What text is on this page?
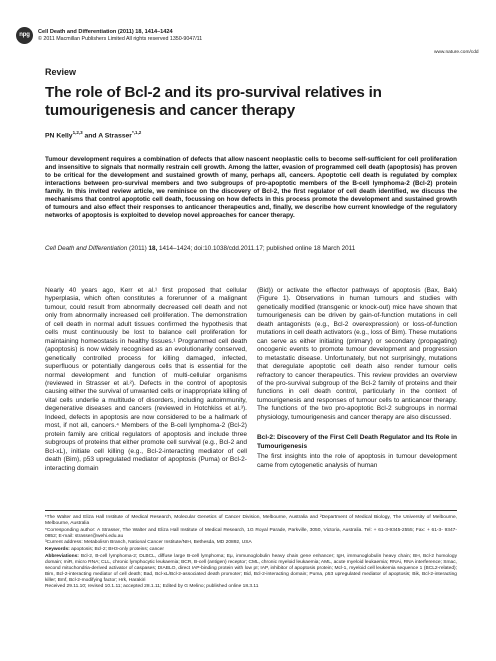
npg	Cell Death and Differentiation (2011) 18, 1414–1424
© 2011 Macmillan Publishers Limited All rights reserved 1350-9047/11
www.nature.com/cdd
Review
The role of Bcl-2 and its pro-survival relatives in tumourigenesis and cancer therapy
PN Kelly$^{1,2,3}$ and A Strasser$^{*,1,2}$
Tumour development requires a combination of defects that allow nascent neoplastic cells to become self-sufficient for cell proliferation and insensitive to signals that normally restrain cell growth. Among the latter, evasion of programmed cell death (apoptosis) has proven to be critical for the development and sustained growth of many, perhaps all, cancers. Apoptotic cell death is regulated by complex interactions between pro-survival members and two subgroups of pro-apoptotic members of the B-cell lymphoma-2 (Bcl-2) protein family. In this invited review article, we reminisce on the discovery of Bcl-2, the first regulator of cell death identified, we discuss the mechanisms that control apoptotic cell death, focussing on how defects in this process promote the development and sustained growth of tumours and also effect their responses to anticancer therapeutics and, finally, we describe how current knowledge of the regulatory networks of apoptosis is exploited to develop novel approaches for cancer therapy.
Cell Death and Differentiation (2011) 18, 1414–1424; doi:10.1038/cdd.2011.17; published online 18 March 2011

Nearly 40 years ago, Kerr et al.¹ first proposed that cellular hyperplasia, which often constitutes a forerunner of a malignant tumour, could result from abnormally decreased cell death and not only from abnormally increased cell proliferation. The demonstration of cell death in normal adult tissues confirmed the hypothesis that cells must continuously be lost to balance cell proliferation for maintaining homeostasis in healthy tissues.¹ Programmed cell death (apoptosis) is now widely recognised as an evolutionarily conserved, genetically controlled process for killing damaged, infected, superfluous or potentially dangerous cells that is essential for the normal development and function of multi-cellular organisms (reviewed in Strasser et al.²). Defects in the control of apoptosis causing either the survival of unwanted cells or inappropriate killing of vital cells underlie a multitude of disorders, including autoimmunity, degenerative diseases and cancers (reviewed in Hotchkiss et al.³). Indeed, defects in apoptosis are now considered to be a hallmark of most, if not all, cancers.⁴ Members of the B-cell lymphoma-2 (Bcl-2) protein family are critical regulators of apoptosis and include three subgroups of proteins that either promote cell survival (e.g., Bcl-2 and Bcl-xL), initiate cell killing (e.g., Bcl-2-interacting mediator of cell death (Bim), p53 upregulated mediator of apoptosis (Puma) or Bcl-2-interacting domain

(Bid)) or activate the effector pathways of apoptosis (Bax, Bak) (Figure 1). Observations in human tumours and studies with genetically modified (transgenic or knock-out) mice have shown that tumourigenesis can be driven by gain-of-function mutations in cell death antagonists (e.g., Bcl-2 overexpression) or loss-of-function mutations in cell death activators (e.g., loss of Bim). These mutations can serve as either initiating (primary) or secondary (propagating) oncogenic events to promote tumour development and progression to metastatic disease. Unfortunately, but not surprisingly, mutations that deregulate apoptotic cell death also render tumour cells refractory to cancer therapeutics. This review provides an overview of the pro-survival subgroup of the Bcl-2 family of proteins and their functions in cell death control, particularly in the context of tumourigenesis and responses of tumour cells to anticancer therapy. The functions of the two pro-apoptotic Bcl-2 subgroups in normal physiology, tumourigenesis and cancer therapy are also discussed.

Bcl-2: Discovery of the First Cell Death Regulator and Its Role in Tumourigenesis

The first insights into the role of apoptosis in tumour development came from cytogenetic analysis of human

¹The Walter and Eliza Hall Institute of Medical Research, Molecular Genetics of Cancer Division, Melbourne, Australia and ²Department of Medical Biology, The University of Melbourne, Melbourne, Australia

*Corresponding author: A Strasser, The Walter and Eliza Hall Institute of Medical Research, 1G Royal Parade, Parkville, 3050, Victoria, Australia. Tel: + 61-3-9345-2555; Fax: + 61-3- 9347-0852; E-mail: strasser@wehi.edu.au

³Current address: Metabolism Branch, National Cancer Institute/NIH, Bethesda, MD 20892, USA

Keywords: apoptosis; Bcl-2; BH3-only proteins; cancer

Abbreviations: Bcl-2, B-cell lymphoma-2; DLBCL, diffuse large B-cell lymphoma; Eμ, immunoglobulin heavy chain gene enhancer; IgH, immunoglobulin heavy chain; BH, Bcl-2 homology domain; miR, micro RNA; CLL, chronic lymphocytic leukaemia; BCR, B-cell (antigen) receptor; CML, chronic myeloid leukaemia; AML, acute myeloid leukaemia; RNAi, RNA interference; Smac, second mitochondria-derived activator of caspases; DIABLO, direct IAP-binding protein with low pI; IAP, inhibitor of apoptosis protein; Mcl-1, myeloid cell leukemia sequence 1 (BCL2-related); Bim, Bcl-2-interacting mediator of cell death; Bad, Bcl-xL/Bcl-2-associated death promoter; Bid, Bcl-2-interacting domain; Puma, p53 upregulated mediator of apoptosis; Bik, Bcl-2-interacting killer; Bmf, Bcl-2-modifying factor; Hrk, Harakiri

Received 29.11.10; revised 10.1.11; accepted 28.1.11; Edited by G Melino; published online 18.3.11
